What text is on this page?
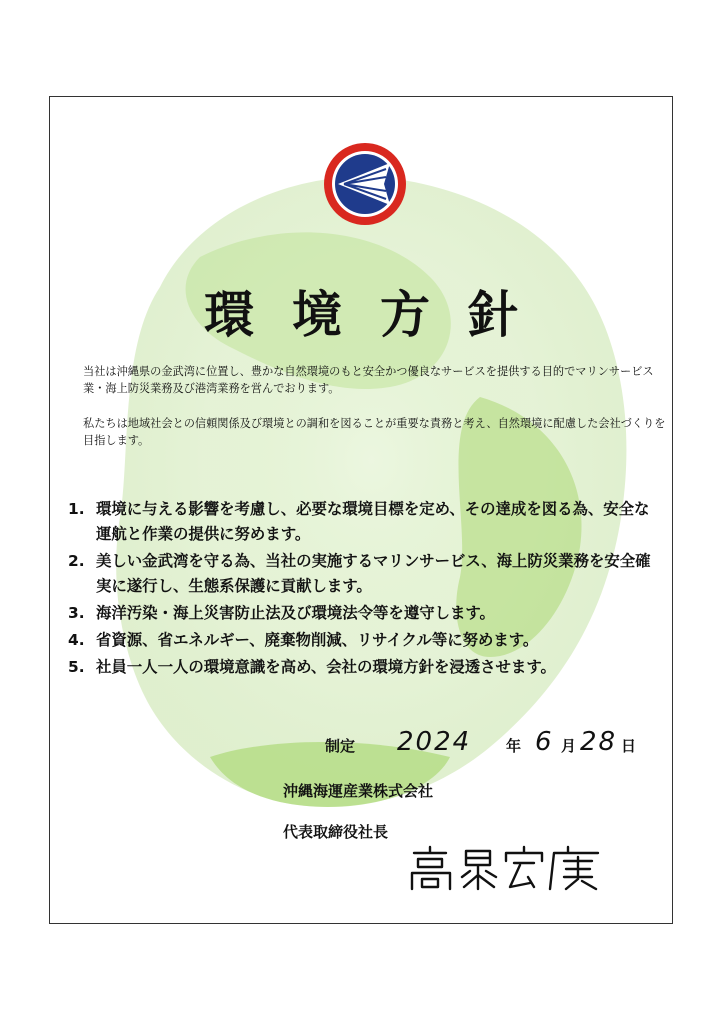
環境方針
当社は沖縄県の金武湾に位置し、豊かな自然環境のもと安全かつ優良なサービスを提供する目的でマリンサービス業・海上防災業務及び港湾業務を営んでおります。
私たちは地域社会との信頼関係及び環境との調和を図ることが重要な責務と考え、自然環境に配慮した会社づくりを目指します。
1. 環境に与える影響を考慮し、必要な環境目標を定め、その達成を図る為、安全な運航と作業の提供に努めます。
2. 美しい金武湾を守る為、当社の実施するマリンサービス、海上防災業務を安全確実に遂行し、生態系保護に貢献します。
3. 海洋汚染・海上災害防止法及び環境法令等を遵守します。
4. 省資源、省エネルギー、廃棄物削減、リサイクル等に努めます。
5. 社員一人一人の環境意識を高め、会社の環境方針を浸透させます。
制定 2024 年 6 月 28 日
沖縄海運産業株式会社
代表取締役社長
